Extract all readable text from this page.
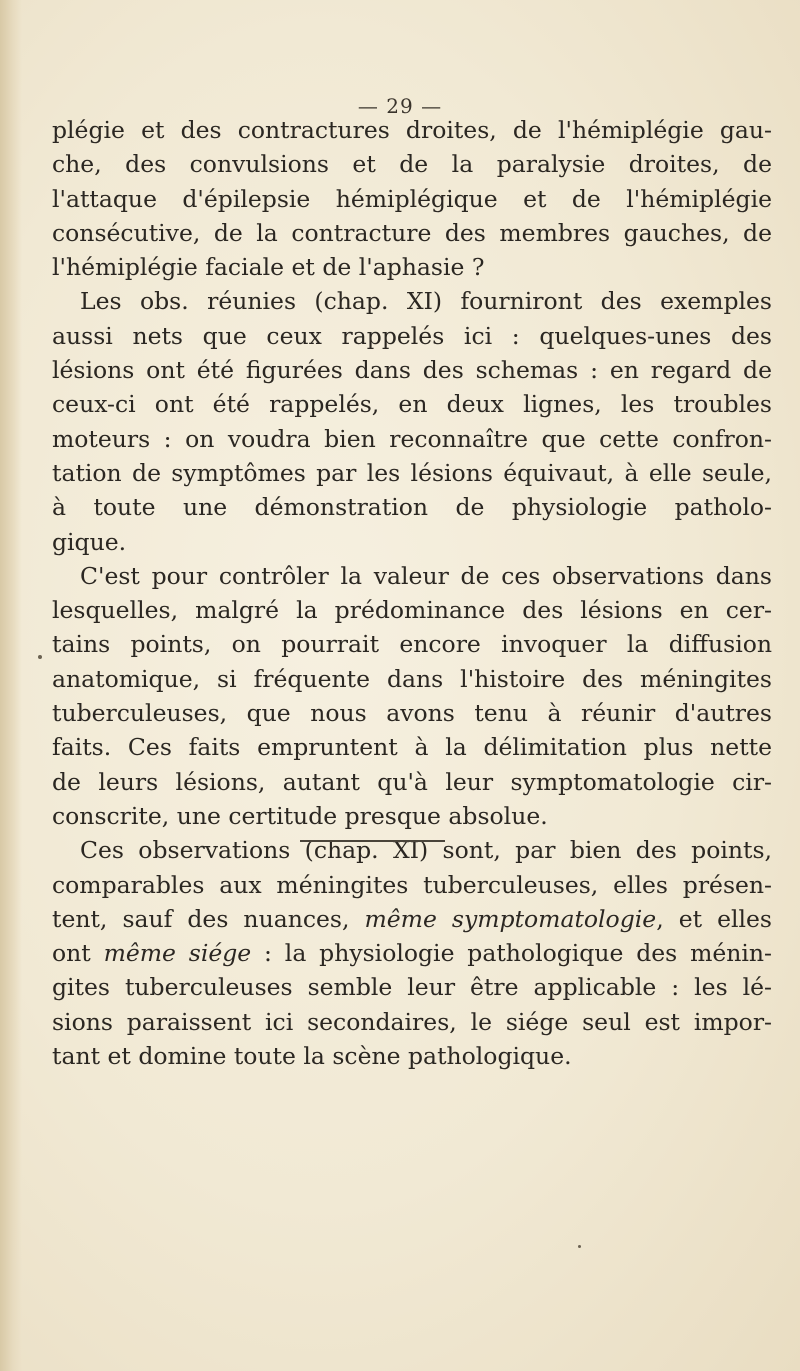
— 29 —
plégie et des contractures droites, de l'hémiplégie gau-
che, des convulsions et de la paralysie droites, de
l'attaque d'épilepsie hémiplégique et de l'hémiplégie
consécutive, de la contracture des membres gauches, de
l'hémiplégie faciale et de l'aphasie ?
Les obs. réunies (chap. XI) fourniront des exemples
aussi nets que ceux rappelés ici : quelques-unes des
lésions ont été figurées dans des schemas : en regard de
ceux-ci ont été rappelés, en deux lignes, les troubles
moteurs : on voudra bien reconnaître que cette confron-
tation de symptômes par les lésions équivaut, à elle seule,
à toute une démonstration de physiologie patholo-
gique.
C'est pour contrôler la valeur de ces observations dans
lesquelles, malgré la prédominance des lésions en cer-
tains points, on pourrait encore invoquer la diffusion
anatomique, si fréquente dans l'histoire des méningites
tuberculeuses, que nous avons tenu à réunir d'autres
faits. Ces faits empruntent à la délimitation plus nette
de leurs lésions, autant qu'à leur symptomatologie cir-
conscrite, une certitude presque absolue.
Ces observations (chap. XI) sont, par bien des points,
comparables aux méningites tuberculeuses, elles présen-
tent, sauf des nuances, même symptomatologie, et elles
ont même siége : la physiologie pathologique des ménin-
gites tuberculeuses semble leur être applicable : les lé-
sions paraissent ici secondaires, le siége seul est impor-
tant et domine toute la scène pathologique.
